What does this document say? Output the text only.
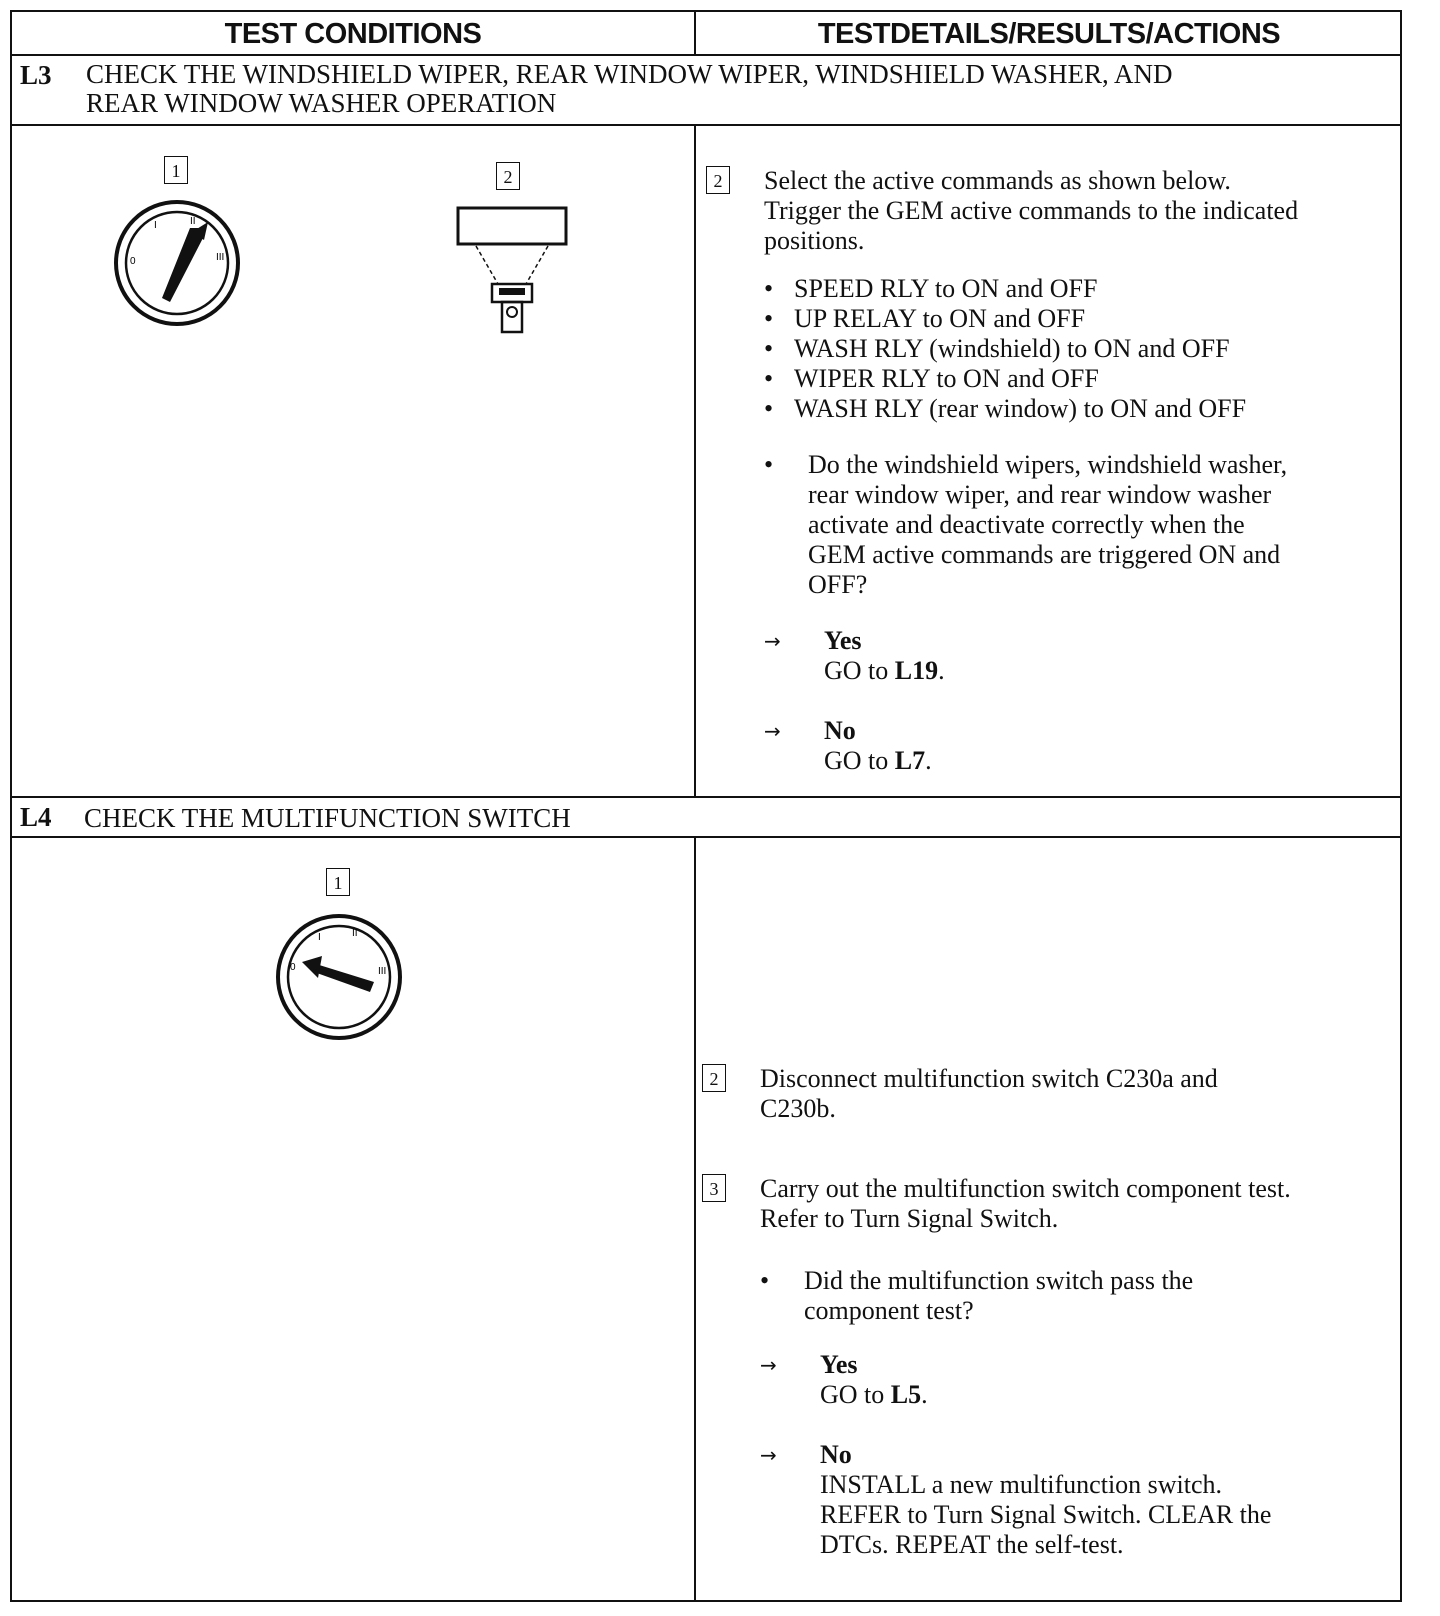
TEST CONDITIONS	TESTDETAILS/RESULTS/ACTIONS
L3 CHECK THE WINDSHIELD WIPER, REAR WINDOW WIPER, WINDSHIELD WASHER, AND
REAR WINDOW WASHER OPERATION
1
0
I	II
III
2	2 Select the active commands as shown below.
Trigger the GEM active commands to the indicated
positions.
• SPEED RLY to ON and OFF
• UP RELAY to ON and OFF
• WASH RLY (windshield) to ON and OFF
• WIPER RLY to ON and OFF
• WASH RLY (rear window) to ON and OFF
• Do the windshield wipers, windshield washer,
rear window wiper, and rear window washer
activate and deactivate correctly when the
GEM active commands are triggered ON and
OFF?
→ Yes
GO to L19.
→ No
GO to L7.
L4 CHECK THE MULTIFUNCTION SWITCH
1
0
I	II
III
2 Disconnect multifunction switch C230a and
C230b.
3 Carry out the multifunction switch component test.
Refer to Turn Signal Switch.
• Did the multifunction switch pass the
component test?
→ Yes
GO to L5.
→ No
INSTALL a new multifunction switch.
REFER to Turn Signal Switch. CLEAR the
DTCs. REPEAT the self-test.
